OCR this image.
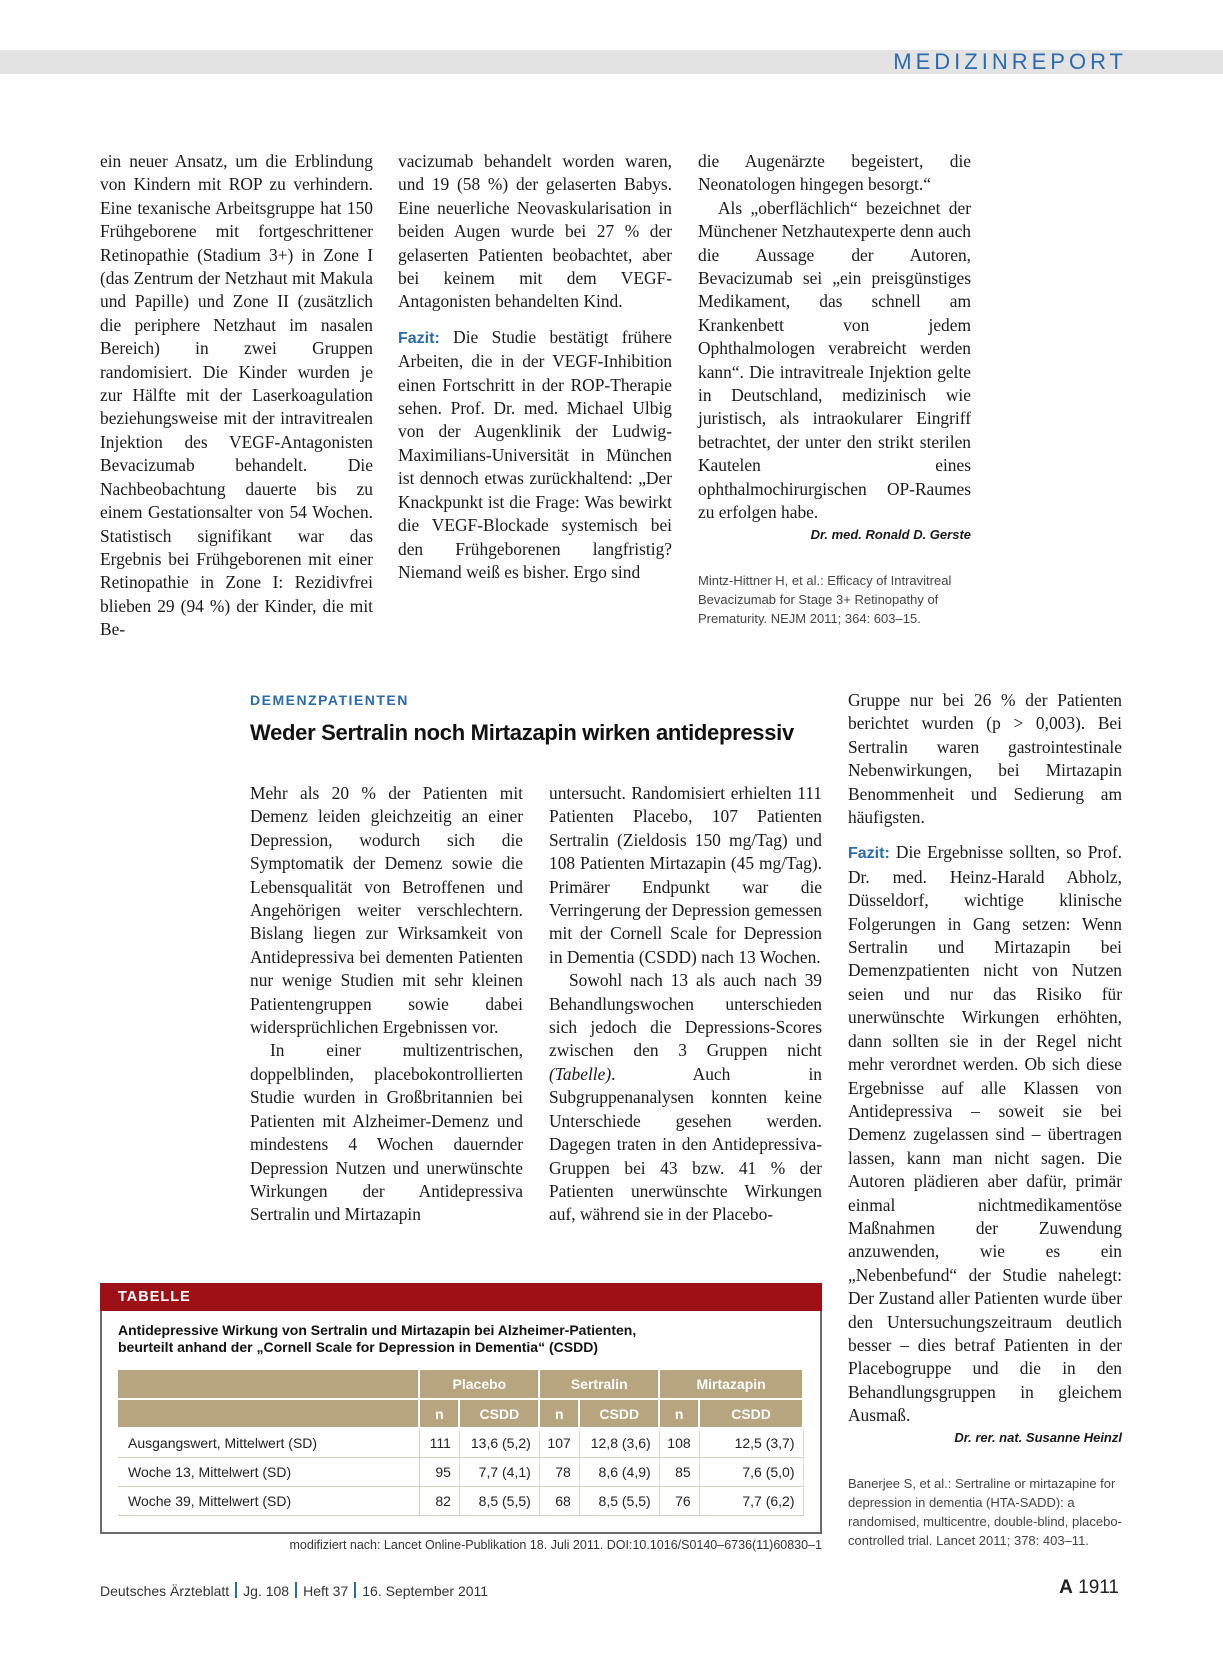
MEDIZINREPORT

ein neuer Ansatz, um die Erblindung von Kindern mit ROP zu verhindern. Eine texanische Arbeitsgruppe hat 150 Frühgeborene mit fortgeschrittener Retinopathie (Stadium 3+) in Zone I (das Zentrum der Netzhaut mit Makula und Papille) und Zone II (zusätzlich die periphere Netzhaut im nasalen Bereich) in zwei Gruppen randomisiert. Die Kinder wurden je zur Hälfte mit der Laserkoagulation beziehungsweise mit der intravitrealen Injektion des VEGF-Antagonisten Bevacizumab behandelt. Die Nachbeobachtung dauerte bis zu einem Gestationsalter von 54 Wochen. Statistisch signifikant war das Ergebnis bei Frühgeborenen mit einer Retinopathie in Zone I: Rezidivfrei blieben 29 (94 %) der Kinder, die mit Be-

vacizumab behandelt worden waren, und 19 (58 %) der gelaserten Babys. Eine neuerliche Neovaskularisation in beiden Augen wurde bei 27 % der gelaserten Patienten beobachtet, aber bei keinem mit dem VEGF-Antagonisten behandelten Kind.

Fazit: Die Studie bestätigt frühere Arbeiten, die in der VEGF-Inhibition einen Fortschritt in der ROP-Therapie sehen. Prof. Dr. med. Michael Ulbig von der Augenklinik der Ludwig-Maximilians-Universität in München ist dennoch etwas zurückhaltend: „Der Knackpunkt ist die Frage: Was bewirkt die VEGF-Blockade systemisch bei den Frühgeborenen langfristig? Niemand weiß es bisher. Ergo sind

die Augenärzte begeistert, die Neonatologen hingegen besorgt.“

Als „oberflächlich“ bezeichnet der Münchener Netzhautexperte denn auch die Aussage der Autoren, Bevacizumab sei „ein preisgünstiges Medikament, das schnell am Krankenbett von jedem Ophthalmologen verabreicht werden kann“. Die intravitreale Injektion gelte in Deutschland, medizinisch wie juristisch, als intraokularer Eingriff betrachtet, der unter den strikt sterilen Kautelen eines ophthalmochirurgischen OP-Raumes zu erfolgen habe.

Dr. med. Ronald D. Gerste

Mintz-Hittner H, et al.: Efficacy of Intravitreal Bevacizumab for Stage 3+ Retinopathy of Prematurity. NEJM 2011; 364: 603–15.

DEMENZPATIENTEN
Weder Sertralin noch Mirtazapin wirken antidepressiv

Mehr als 20 % der Patienten mit Demenz leiden gleichzeitig an einer Depression, wodurch sich die Symptomatik der Demenz sowie die Lebensqualität von Betroffenen und Angehörigen weiter verschlechtern. Bislang liegen zur Wirksamkeit von Antidepressiva bei dementen Patienten nur wenige Studien mit sehr kleinen Patientengruppen sowie dabei widersprüchlichen Ergebnissen vor.

In einer multizentrischen, doppelblinden, placebokontrollierten Studie wurden in Großbritannien bei Patienten mit Alzheimer-Demenz und mindestens 4 Wochen dauernder Depression Nutzen und unerwünschte Wirkungen der Antidepressiva Sertralin und Mirtazapin

untersucht. Randomisiert erhielten 111 Patienten Placebo, 107 Patienten Sertralin (Zieldosis 150 mg/Tag) und 108 Patienten Mirtazapin (45 mg/Tag). Primärer Endpunkt war die Verringerung der Depression gemessen mit der Cornell Scale for Depression in Dementia (CSDD) nach 13 Wochen.

Sowohl nach 13 als auch nach 39 Behandlungswochen unterschieden sich jedoch die Depressions-Scores zwischen den 3 Gruppen nicht (Tabelle). Auch in Subgruppenanalysen konnten keine Unterschiede gesehen werden. Dagegen traten in den Antidepressiva-Gruppen bei 43 bzw. 41 % der Patienten unerwünschte Wirkungen auf, während sie in der Placebo-

Gruppe nur bei 26 % der Patienten berichtet wurden (p > 0,003). Bei Sertralin waren gastrointestinale Nebenwirkungen, bei Mirtazapin Benommenheit und Sedierung am häufigsten.

Fazit: Die Ergebnisse sollten, so Prof. Dr. med. Heinz-Harald Abholz, Düsseldorf, wichtige klinische Folgerungen in Gang setzen: Wenn Sertralin und Mirtazapin bei Demenzpatienten nicht von Nutzen seien und nur das Risiko für unerwünschte Wirkungen erhöhten, dann sollten sie in der Regel nicht mehr verordnet werden. Ob sich diese Ergebnisse auf alle Klassen von Antidepressiva – soweit sie bei Demenz zugelassen sind – übertragen lassen, kann man nicht sagen. Die Autoren plädieren aber dafür, primär einmal nichtmedikamentöse Maßnahmen der Zuwendung anzuwenden, wie es ein „Nebenbefund“ der Studie nahelegt: Der Zustand aller Patienten wurde über den Untersuchungszeitraum deutlich besser – dies betraf Patienten in der Placebogruppe und die in den Behandlungsgruppen in gleichem Ausmaß.

Dr. rer. nat. Susanne Heinzl

Banerjee S, et al.: Sertraline or mirtazapine for depression in dementia (HTA-SADD): a randomised, multicentre, double-blind, placebo-controlled trial. Lancet 2011; 378: 403–11.

TABELLE
Antidepressive Wirkung von Sertralin und Mirtazapin bei Alzheimer-Patienten,
beurteilt anhand der „Cornell Scale for Depression in Dementia“ (CSDD)
	Placebo		Sertralin		Mirtazapin	
	n	CSDD	n	CSDD	n	CSDD
Ausgangswert, Mittelwert (SD)	111	13,6 (5,2)	107	12,8 (3,6)	108	12,5 (3,7)
Woche 13, Mittelwert (SD)	95	7,7 (4,1)	78	8,6 (4,9)	85	7,6 (5,0)
Woche 39, Mittelwert (SD)	82	8,5 (5,5)	68	8,5 (5,5)	76	7,7 (6,2)
modifiziert nach: Lancet Online-Publikation 18. Juli 2011. DOI:10.1016/S0140–6736(11)60830–1
Deutsches Ärzteblatt Jg. 108 Heft 37 16. September 2011	A 1911
